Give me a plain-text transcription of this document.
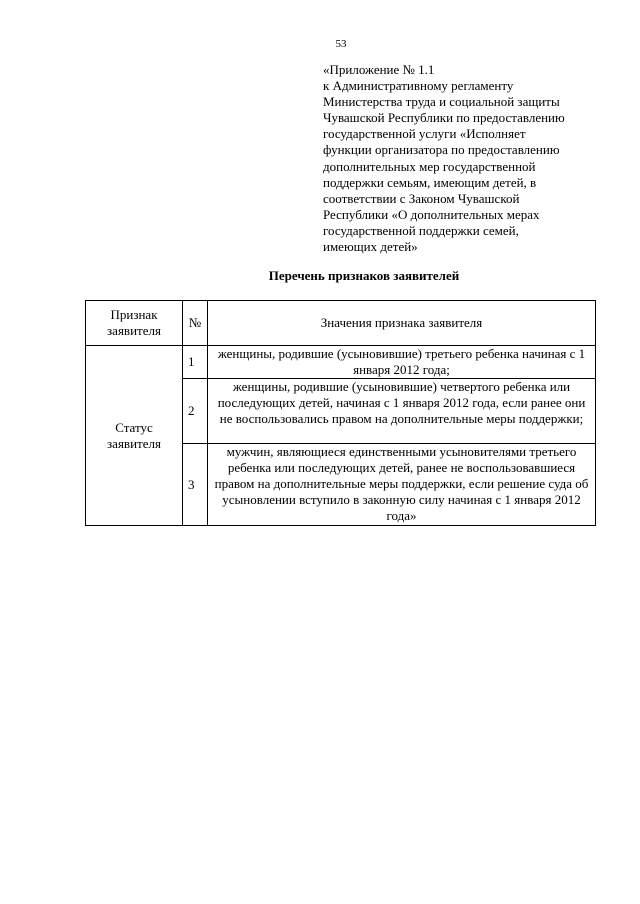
53
«Приложение № 1.1
к Административному регламенту
Министерства труда и социальной защиты
Чувашской Республики по предоставлению
государственной услуги «Исполняет
функции организатора по предоставлению
дополнительных мер государственной
поддержки семьям, имеющим детей, в
соответствии с Законом Чувашской
Республики «О дополнительных мерах
государственной поддержки семей,
имеющих детей»
Перечень признаков заявителей
Признак заявителя	№	Значения признака заявителя
Статус заявителя	1	женщины, родившие (усыновившие) третьего ребенка начиная с 1 января 2012 года;
	2	женщины, родившие (усыновившие) четвертого ребенка или последующих детей, начиная с 1 января 2012 года, если ранее они не воспользовались правом на дополнительные меры поддержки;
	3	мужчин, являющиеся единственными усыновителями третьего ребенка или последующих детей, ранее не воспользовавшиеся правом на дополнительные меры поддержки, если решение суда об усыновлении вступило в законную силу начиная с 1 января 2012 года»
